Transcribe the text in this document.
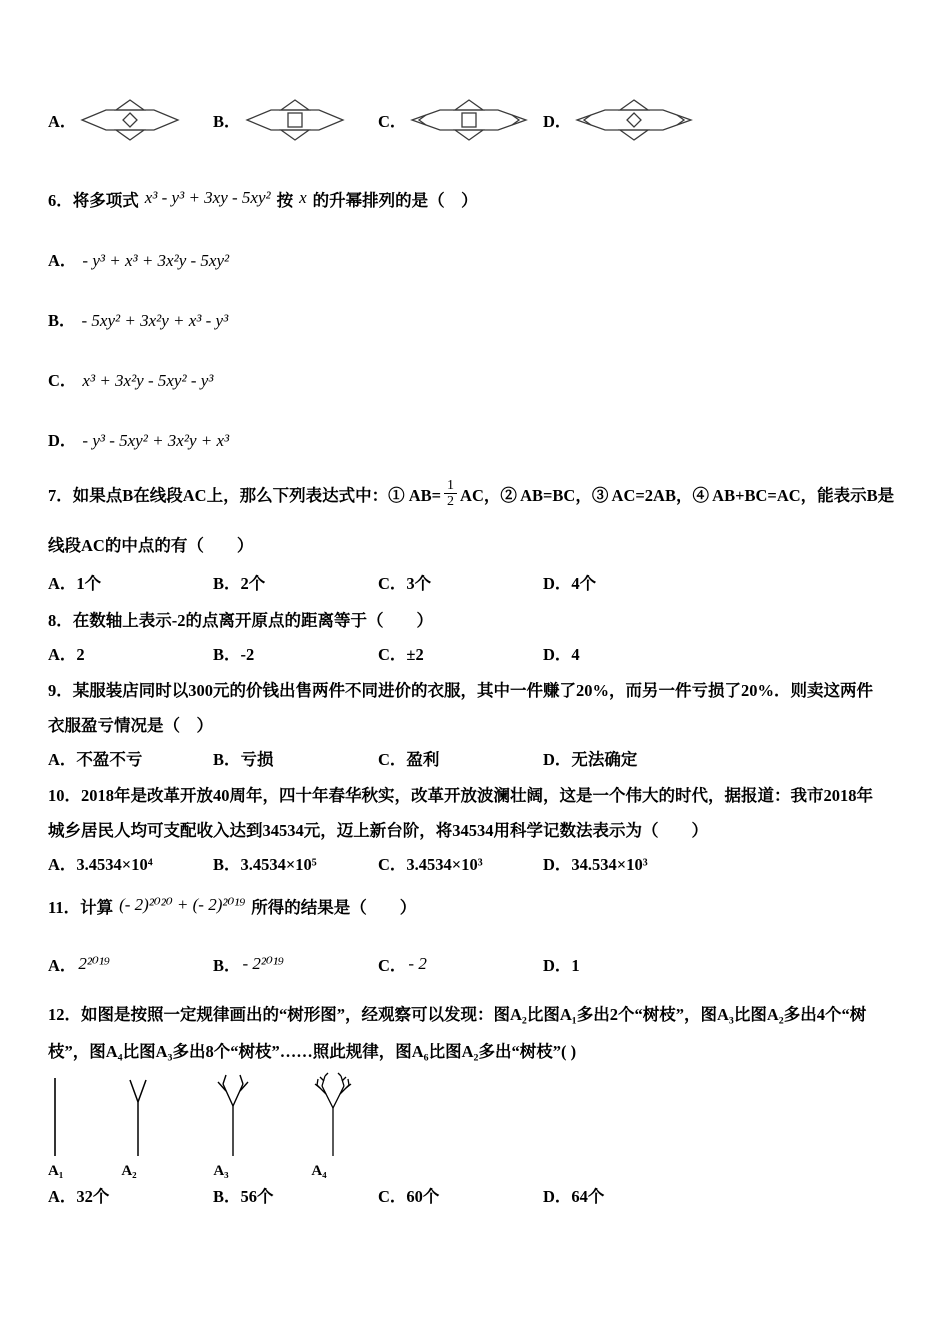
A．	B．	C．	D．

6．将多项式 x³ - y³ + 3xy - 5xy² 按 x 的升幂排列的是（　）

A． - y³ + x³ + 3x²y - 5xy²

B． - 5xy² + 3x²y + x³ - y³

C． x³ + 3x²y - 5xy² - y³

D． - y³ - 5xy² + 3x²y + x³

7．如果点B在线段AC上，那么下列表达式中：① $AB= \frac{1}{2}$ AC，② AB=BC，③ AC=2AB，④ AB+BC=AC，能表示B是

线段AC的中点的有（　　）

A．1个	B．2个	C．3个	D．4个

8．在数轴上表示-2的点离开原点的距离等于（　　）

A．2	B．-2	C．±2	D．4

9．某服装店同时以300元的价钱出售两件不同进价的衣服，其中一件赚了20%，而另一件亏损了20%．则卖这两件

衣服盈亏情况是（　）

A．不盈不亏	B．亏损	C．盈利	D．无法确定

10．2018年是改革开放40周年，四十年春华秋实，改革开放波澜壮阔，这是一个伟大的时代，据报道：我市2018年

城乡居民人均可支配收入达到34534元，迈上新台阶，将34534用科学记数法表示为（　　）

A．3.4534×10⁴	B．3.4534×10⁵	C．3.4534×10³	D．34.534×10³

11．计算 (- 2)²⁰²⁰ + (- 2)²⁰¹⁹ 所得的结果是（　　）

A． 2²⁰¹⁹	B． - 2²⁰¹⁹	C． - 2	D．1

12．如图是按照一定规律画出的“树形图”，经观察可以发现：图A₂比图A₁多出2个“树枝”，图A₃比图A₂多出4个“树

枝”，图A₄比图A₃多出8个“树枝”……照此规律，图A₆比图A₂多出“树枝”( )

A₁	A₂	A₃	A₄
A．32个	B．56个	C．60个	D．64个
